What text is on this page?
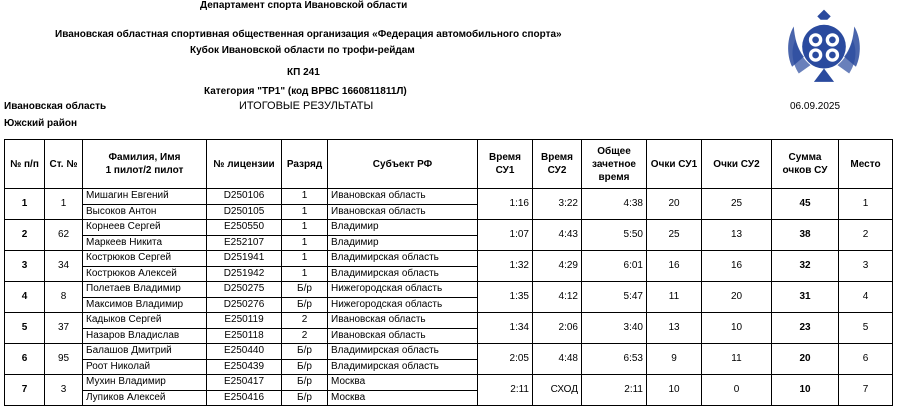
Департамент спорта Ивановской области
Ивановская областная спортивная общественная организация «Федерация автомобильного спорта»
Кубок Ивановской области по трофи-рейдам
КП 241
Категория "ТР1" (код ВРВС 1660811811Л)
Ивановская область	ИТОГОВЫЕ РЕЗУЛЬТАТЫ	06.09.2025
Южский район
№ п/п	Ст. №	Фамилия, Имя
1 пилот/2 пилот	№ лицензии	Разряд	Субъект РФ	Время СУ1	Время СУ2	Общее зачетное время	Очки СУ1	Очки СУ2	Сумма очков СУ	Место
1	1	Мишагин Евгений	D250106	1	Ивановская область	1:16	3:22	4:38	20	25	45	1
		Высоков Антон	D250105	1	Ивановская область							
2	62	Корнеев Сергей	E250550	1	Владимир	1:07	4:43	5:50	25	13	38	2
		Маркеев Никита	E252107	1	Владимир							
3	34	Кострюков Сергей	D251941	1	Владимирская область	1:32	4:29	6:01	16	16	32	3
		Кострюков Алексей	D251942	1	Владимирская область							
4	8	Полетаев Владимир	D250275	Б/р	Нижегородская область	1:35	4:12	5:47	11	20	31	4
		Максимов Владимир	D250276	Б/р	Нижегородская область							
5	37	Кадыков Сергей	E250119	2	Ивановская область	1:34	2:06	3:40	13	10	23	5
		Назаров Владислав	E250118	2	Ивановская область							
6	95	Балашов Дмитрий	E250440	Б/р	Владимирская область	2:05	4:48	6:53	9	11	20	6
		Роот Николай	E250439	Б/р	Владимирская область							
7	3	Мухин Владимир	E250417	Б/р	Москва	2:11	СХОД	2:11	10	0	10	7
		Лупиков Алексей	E250416	Б/р	Москва							
